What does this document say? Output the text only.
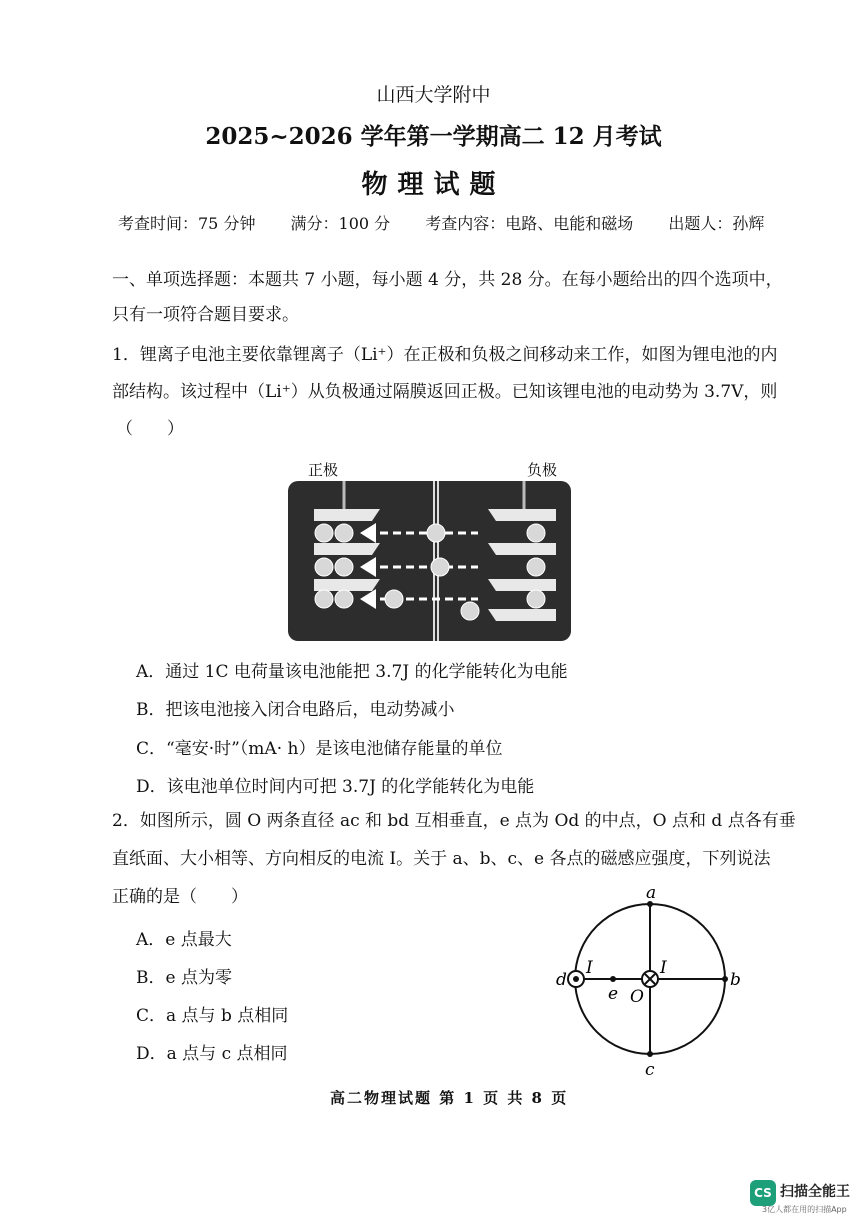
山西大学附中
2025~2026 学年第一学期高二 12 月考试
物理试题
考查时间：75 分钟 满分：100 分 考查内容：电路、电能和磁场 出题人：孙辉
一、单项选择题：本题共 7 小题，每小题 4 分，共 28 分。在每小题给出的四个选项中，
只有一项符合题目要求。
1．锂离子电池主要依靠锂离子（Li⁺）在正极和负极之间移动来工作，如图为锂电池的内
部结构。该过程中（Li⁺）从负极通过隔膜返回正极。已知该锂电池的电动势为 3.7V，则
（　　）
正极	负极
A．通过 1C 电荷量该电池能把 3.7J 的化学能转化为电能
B．把该电池接入闭合电路后，电动势减小
C．“毫安·时”（mA· h）是该电池储存能量的单位
D．该电池单位时间内可把 3.7J 的化学能转化为电能
2．如图所示，圆 O 两条直径 ac 和 bd 互相垂直，e 点为 Od 的中点，O 点和 d 点各有垂
直纸面、大小相等、方向相反的电流 I。关于 a、b、c、e 各点的磁感应强度，下列说法
正确的是（　　）
A．e 点最大
B．e 点为零
C．a 点与 b 点相同
D．a 点与 c 点相同
a
b
c
d
e O
I	I
高二物理试题 第 1 页 共 8 页
CS 扫描全能王
3亿人都在用的扫描App
